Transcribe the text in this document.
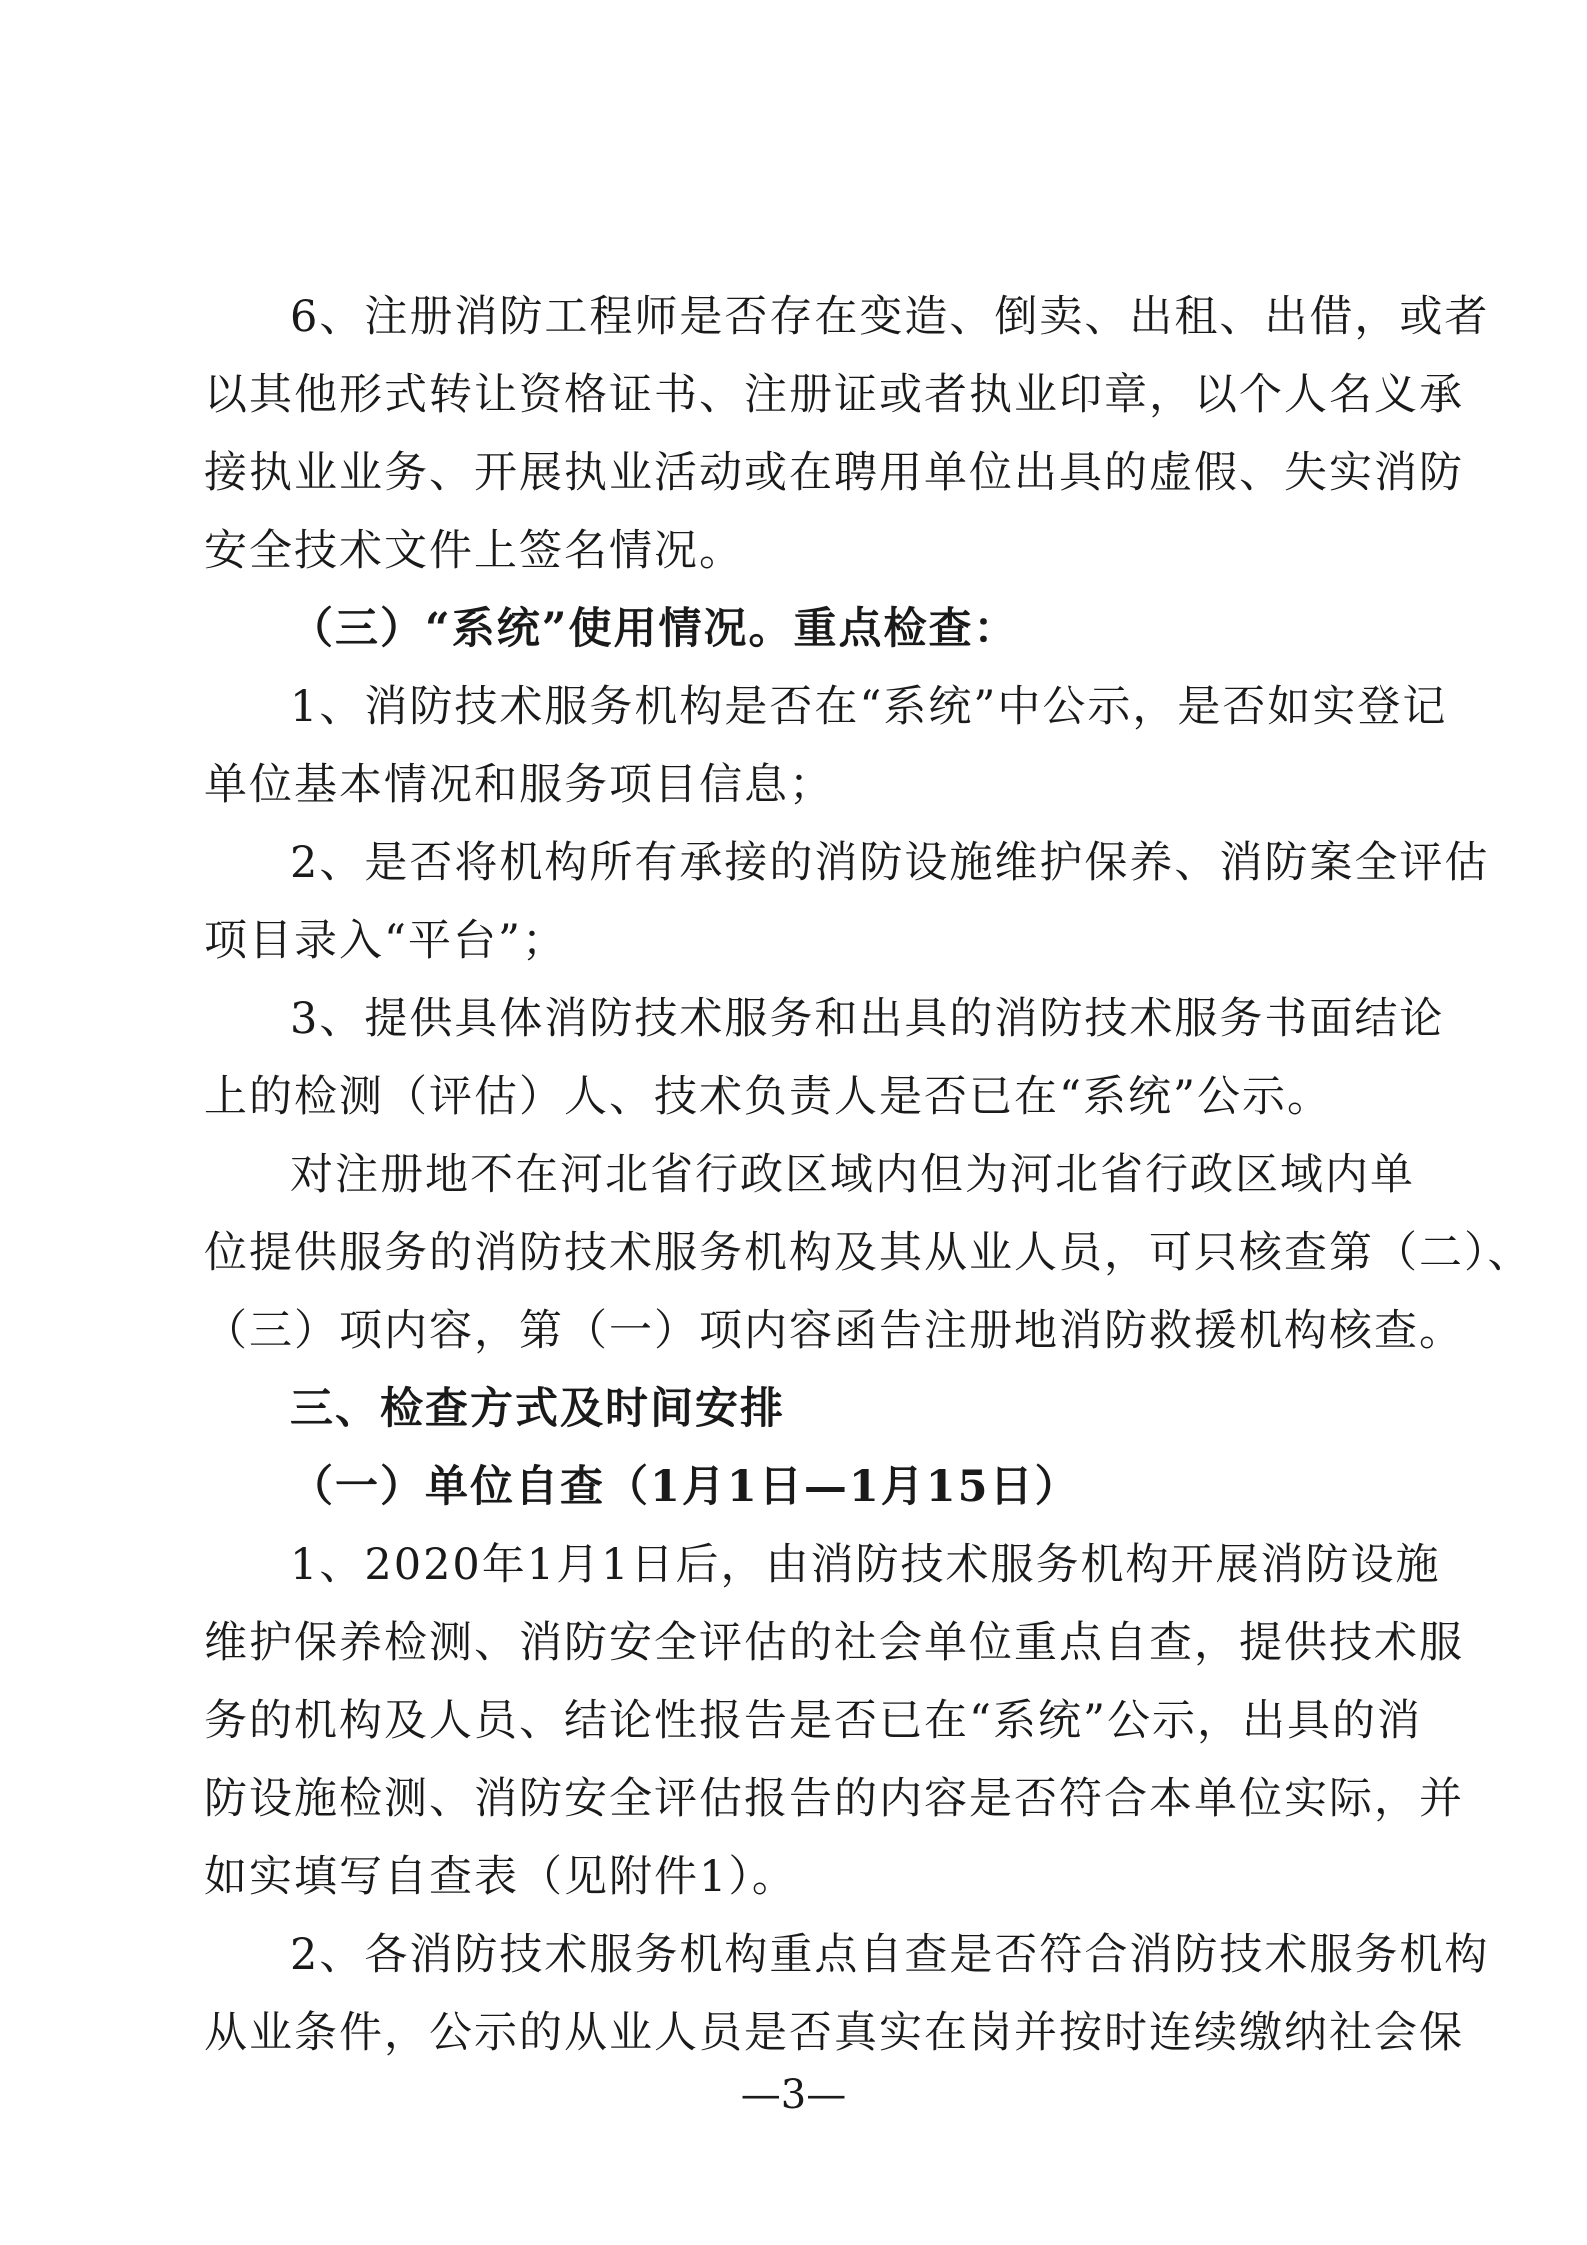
6、注册消防工程师是否存在变造、倒卖、出租、出借，或者
以其他形式转让资格证书、注册证或者执业印章，以个人名义承
接执业业务、开展执业活动或在聘用单位出具的虚假、失实消防
安全技术文件上签名情况。
（三）“系统”使用情况。重点检查：
1、消防技术服务机构是否在“系统”中公示，是否如实登记
单位基本情况和服务项目信息；
2、是否将机构所有承接的消防设施维护保养、消防案全评估
项目录入“平台”；
3、提供具体消防技术服务和出具的消防技术服务书面结论
上的检测（评估）人、技术负责人是否已在“系统”公示。
对注册地不在河北省行政区域内但为河北省行政区域内单
位提供服务的消防技术服务机构及其从业人员，可只核查第（二）、
（三）项内容，第（一）项内容函告注册地消防救援机构核查。
三、检查方式及时间安排
（一）单位自查（1月1日—1月15日）
1、2020年1月1日后，由消防技术服务机构开展消防设施
维护保养检测、消防安全评估的社会单位重点自查，提供技术服
务的机构及人员、结论性报告是否已在“系统”公示，出具的消
防设施检测、消防安全评估报告的内容是否符合本单位实际，并
如实填写自查表（见附件1）。
2、各消防技术服务机构重点自查是否符合消防技术服务机构
从业条件，公示的从业人员是否真实在岗并按时连续缴纳社会保
—3—
